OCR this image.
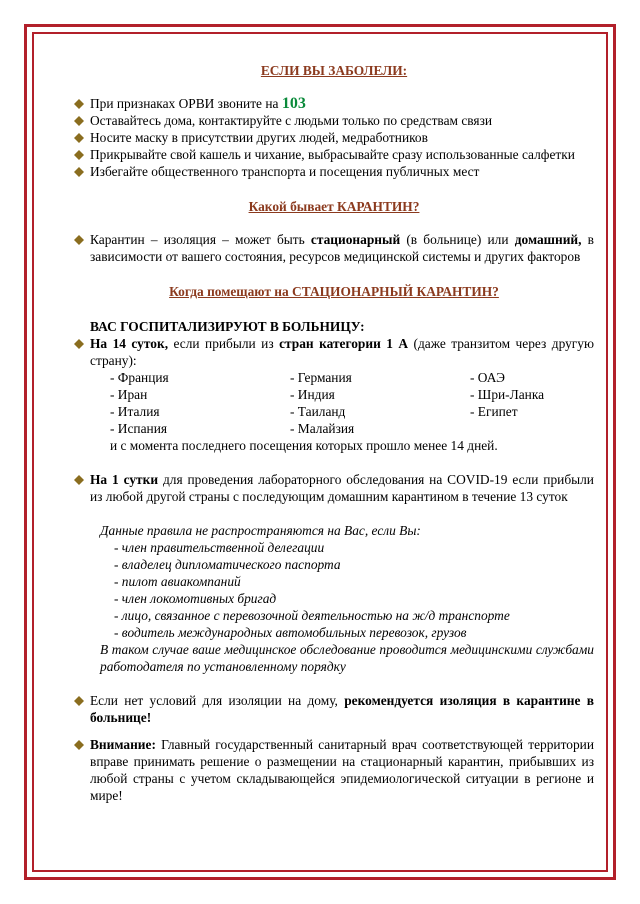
ЕСЛИ ВЫ ЗАБОЛЕЛИ:
При признаках ОРВИ звоните на 103
Оставайтесь дома, контактируйте с людьми только по средствам связи
Носите маску в присутствии других людей, медработников
Прикрывайте свой кашель и чихание, выбрасывайте сразу использованные салфетки
Избегайте общественного транспорта и посещения публичных мест
Какой бывает КАРАНТИН?
Карантин – изоляция – может быть стационарный (в больнице) или домашний, в зависимости от вашего состояния, ресурсов медицинской системы и других факторов
Когда помещают на СТАЦИОНАРНЫЙ КАРАНТИН?
ВАС ГОСПИТАЛИЗИРУЮТ В БОЛЬНИЦУ:
На 14 суток, если прибыли из стран категории 1 А (даже транзитом через другую страну):
- Франция	- Германия	- ОАЭ
- Иран	- Индия	- Шри-Ланка
- Италия	- Таиланд	- Египет
- Испания	- Малайзия
и с момента последнего посещения которых прошло менее 14 дней.
На 1 сутки для проведения лабораторного обследования на COVID-19 если прибыли из любой другой страны с последующим домашним карантином в течение 13 суток
Данные правила не распространяются на Вас, если Вы:
- член правительственной делегации
- владелец дипломатического паспорта
- пилот авиакомпаний
- член локомотивных бригад
- лицо, связанное с перевозочной деятельностью на ж/д транспорте
- водитель международных автомобильных перевозок, грузов
В таком случае ваше медицинское обследование проводится медицинскими службами работодателя по установленному порядку
Если нет условий для изоляции на дому, рекомендуется изоляция в карантине в больнице!
Внимание: Главный государственный санитарный врач соответствующей территории вправе принимать решение о размещении на стационарный карантин, прибывших из любой страны с учетом складывающейся эпидемиологической ситуации в регионе и мире!
